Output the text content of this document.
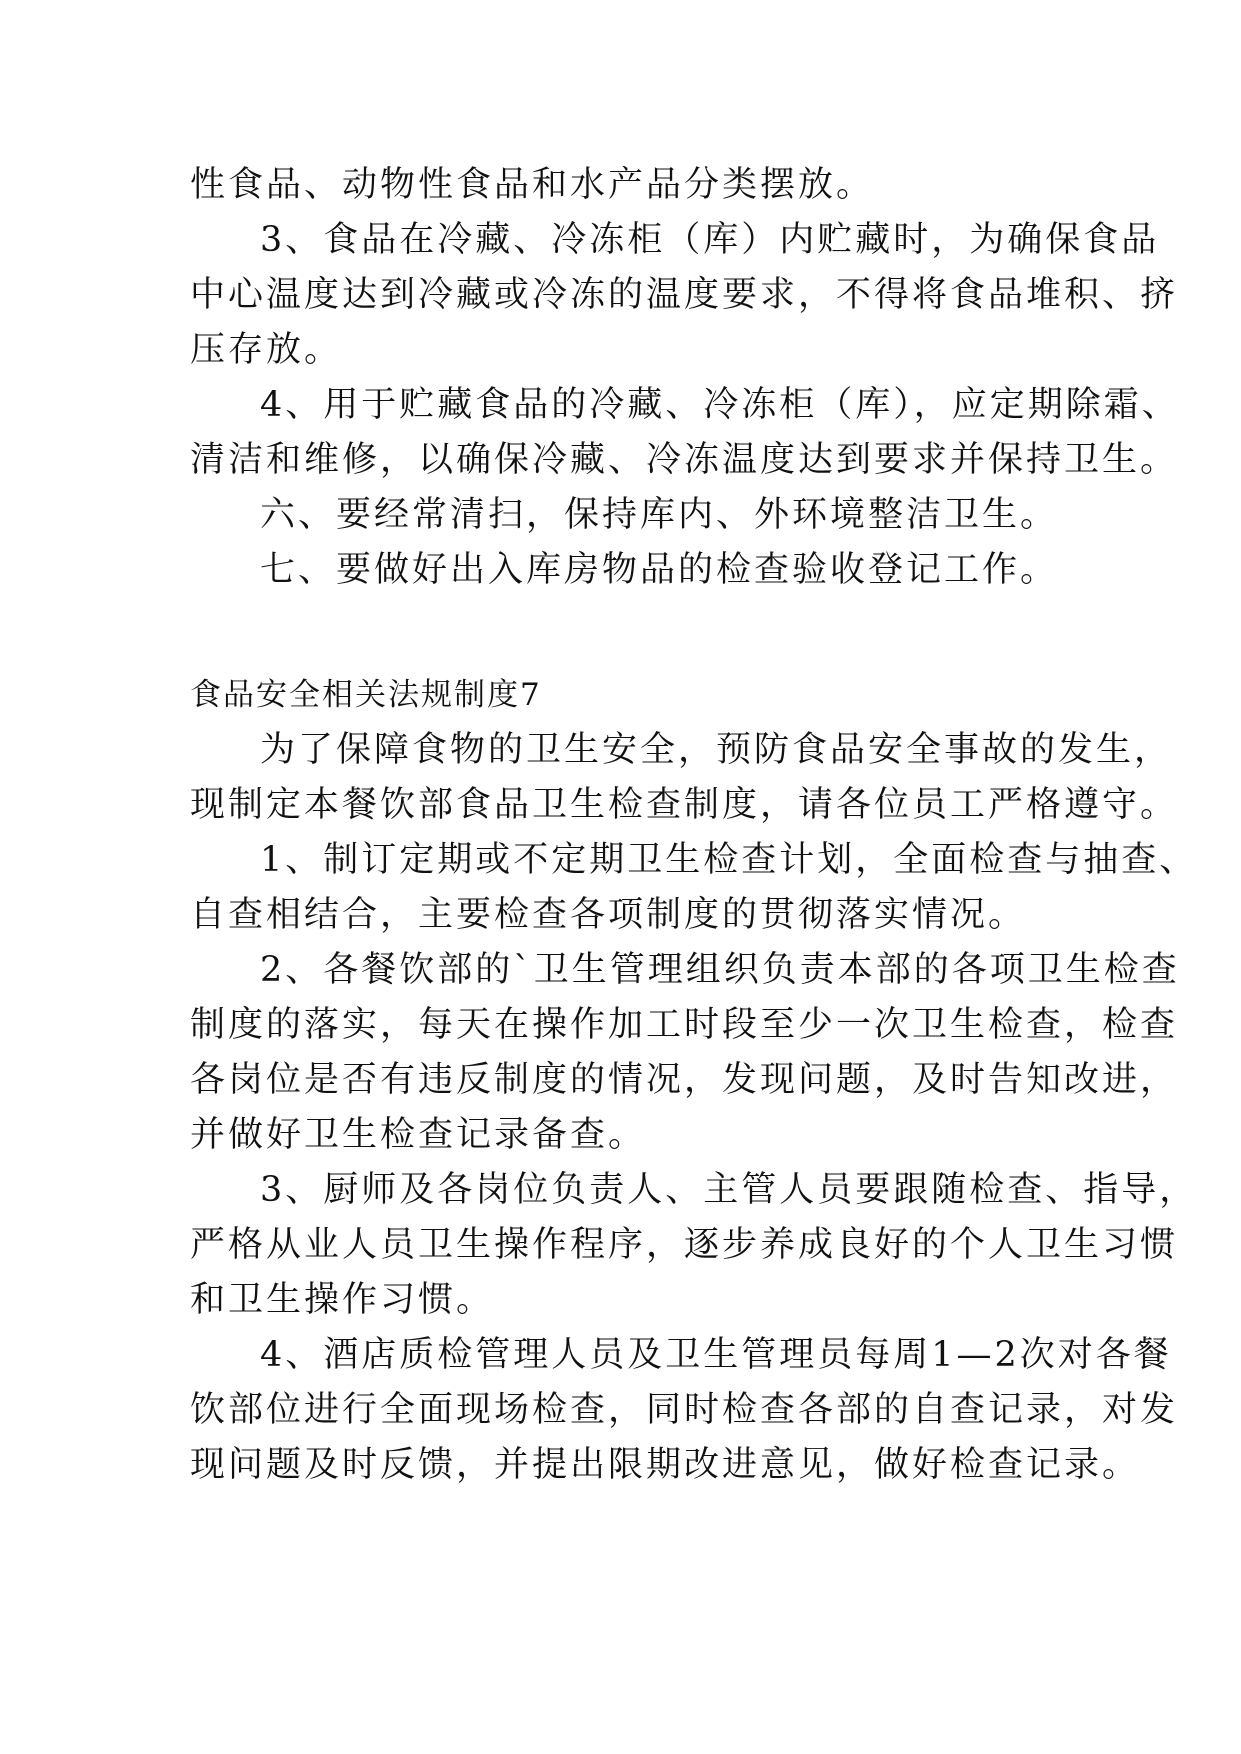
性食品、动物性食品和水产品分类摆放。
3、食品在冷藏、冷冻柜（库）内贮藏时，为确保食品
中心温度达到冷藏或冷冻的温度要求，不得将食品堆积、挤
压存放。
4、用于贮藏食品的冷藏、冷冻柜（库），应定期除霜、
清洁和维修，以确保冷藏、冷冻温度达到要求并保持卫生。
六、要经常清扫，保持库内、外环境整洁卫生。
七、要做好出入库房物品的检查验收登记工作。
食品安全相关法规制度7
为了保障食物的卫生安全，预防食品安全事故的发生，
现制定本餐饮部食品卫生检查制度，请各位员工严格遵守。
1、制订定期或不定期卫生检查计划，全面检查与抽查、
自查相结合，主要检查各项制度的贯彻落实情况。
2、各餐饮部的`卫生管理组织负责本部的各项卫生检查
制度的落实，每天在操作加工时段至少一次卫生检查，检查
各岗位是否有违反制度的情况，发现问题，及时告知改进，
并做好卫生检查记录备查。
3、厨师及各岗位负责人、主管人员要跟随检查、指导，
严格从业人员卫生操作程序，逐步养成良好的个人卫生习惯
和卫生操作习惯。
4、酒店质检管理人员及卫生管理员每周1—2次对各餐
饮部位进行全面现场检查，同时检查各部的自查记录，对发
现问题及时反馈，并提出限期改进意见，做好检查记录。
